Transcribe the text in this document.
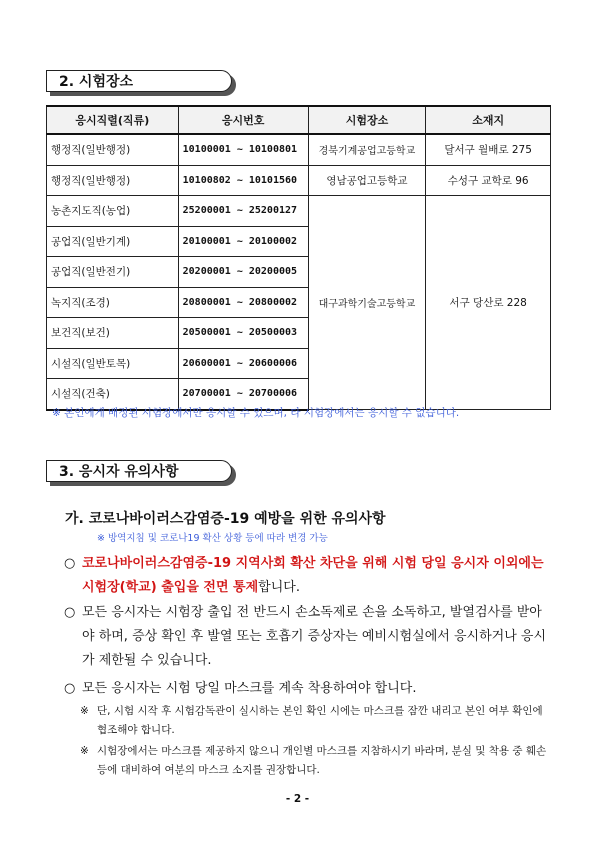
2. 시험장소
응시직렬(직류)	응시번호	시험장소	소재지
행정직(일반행정)	10100001 ~ 10100801	경북기계공업고등학교	달서구 월배로 275
행정직(일반행정)	10100802 ~ 10101560	영남공업고등학교	수성구 교학로 96
농촌지도직(농업)	25200001 ~ 25200127	대구과학기술고등학교	서구 당산로 228
공업직(일반기계)	20100001 ~ 20100002		
공업직(일반전기)	20200001 ~ 20200005		
녹지직(조경)	20800001 ~ 20800002		
보건직(보건)	20500001 ~ 20500003		
시설직(일반토목)	20600001 ~ 20600006		
시설직(건축)	20700001 ~ 20700006		
※ 본인에게 배정된 시험장에서만 응시할 수 있으며, 타 시험장에서는 응시할 수 없습니다.
3. 응시자 유의사항
가. 코로나바이러스감염증-19 예방을 위한 유의사항
※ 방역지침 및 코로나19 확산 상황 등에 따라 변경 가능
○ 코로나바이러스감염증-19 지역사회 확산 차단을 위해 시험 당일 응시자 이외에는 시험장(학교) 출입을 전면 통제합니다.
○ 모든 응시자는 시험장 출입 전 반드시 손소독제로 손을 소독하고, 발열검사를 받아야 하며, 증상 확인 후 발열 또는 호흡기 증상자는 예비시험실에서 응시하거나 응시가 제한될 수 있습니다.
○ 모든 응시자는 시험 당일 마스크를 계속 착용하여야 합니다.
※ 단, 시험 시작 후 시험감독관이 실시하는 본인 확인 시에는 마스크를 잠깐 내리고 본인 여부 확인에 협조해야 합니다.
※ 시험장에서는 마스크를 제공하지 않으니 개인별 마스크를 지참하시기 바라며, 분실 및 착용 중 훼손 등에 대비하여 여분의 마스크 소지를 권장합니다.
- 2 -
